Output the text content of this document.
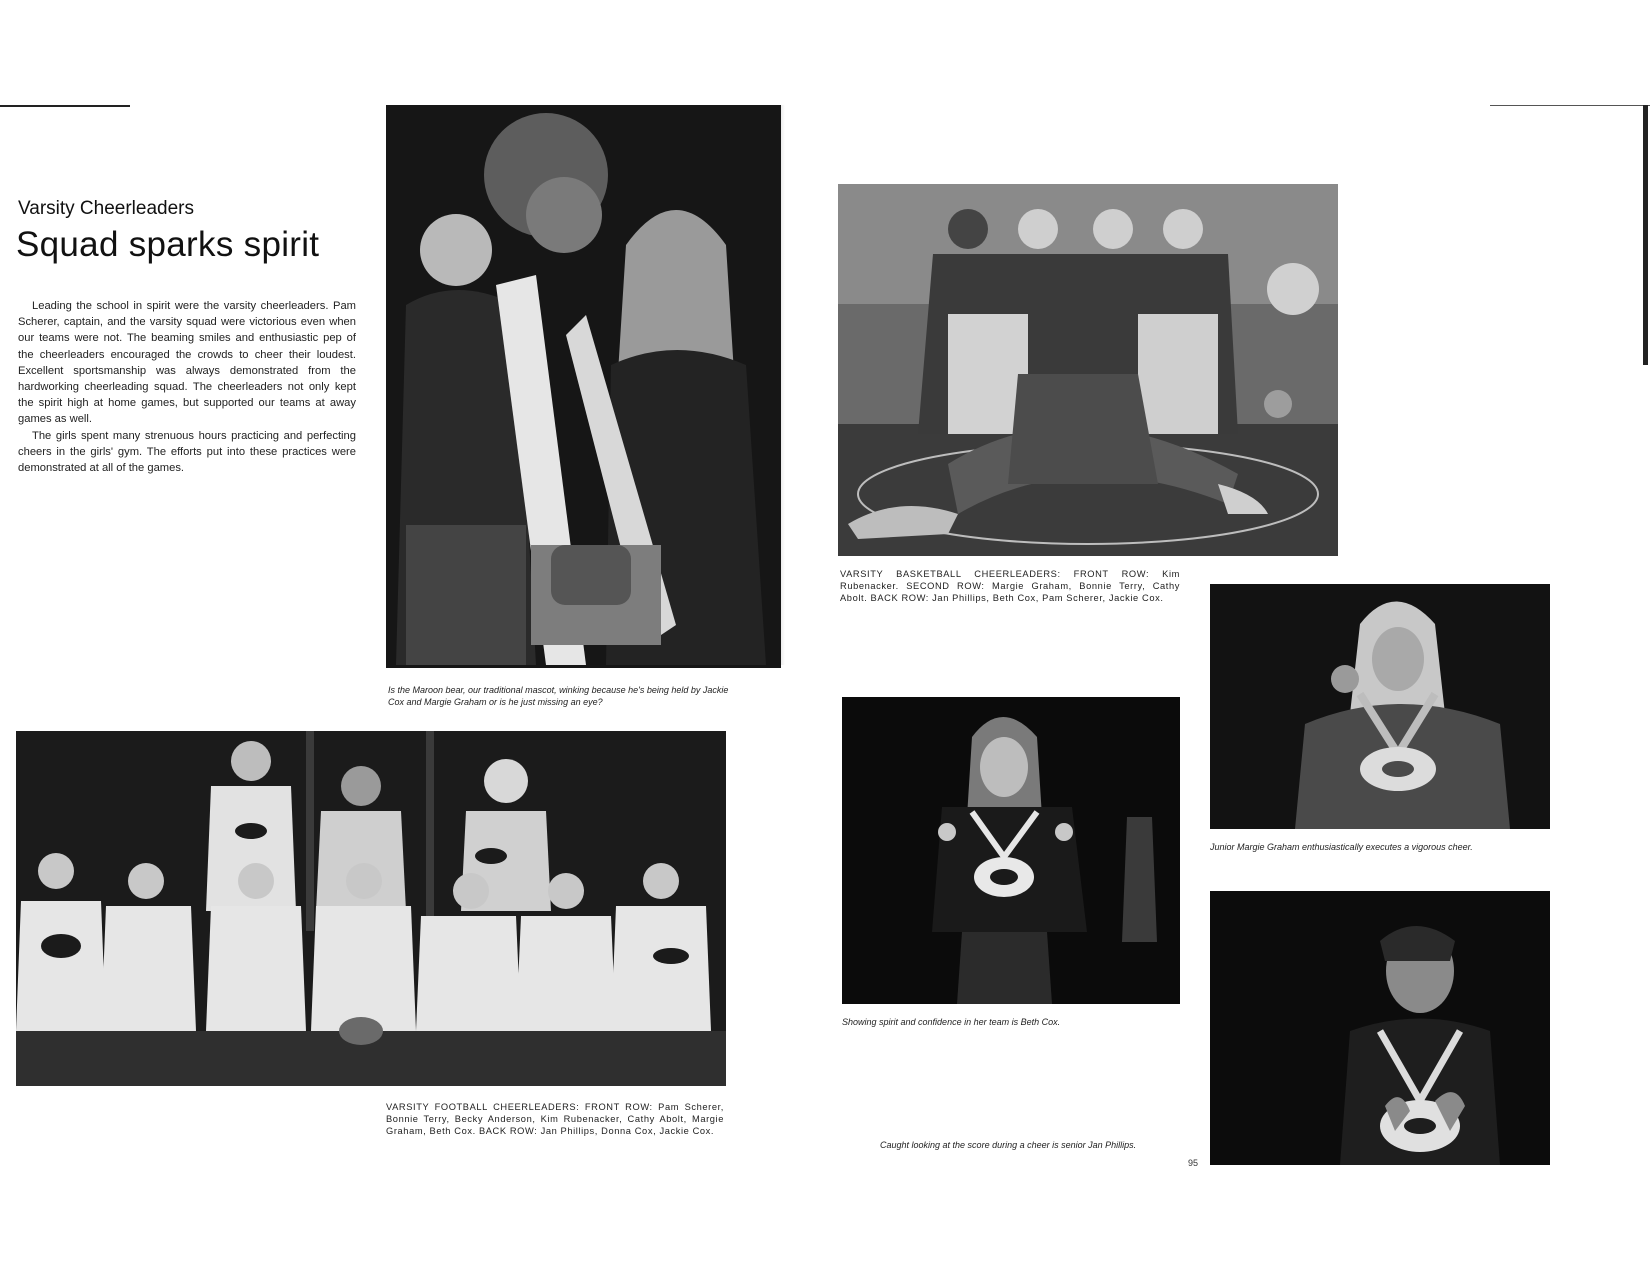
Varsity Cheerleaders
Squad sparks spirit

Leading the school in spirit were the varsity cheerleaders. Pam Scherer, captain, and the varsity squad were victorious even when our teams were not. The beaming smiles and enthusiastic pep of the cheerleaders encouraged the crowds to cheer their loudest. Excellent sportsmanship was always demonstrated from the hardworking cheerleading squad. The cheerleaders not only kept the spirit high at home games, but supported our teams at away games as well.

The girls spent many strenuous hours practicing and perfecting cheers in the girls' gym. The efforts put into these practices were demonstrated at all of the games.

Is the Maroon bear, our traditional mascot, winking because he's being held by Jackie Cox and Margie Graham or is he just missing an eye?
VARSITY BASKETBALL CHEERLEADERS: FRONT ROW: Kim Rubenacker. SECOND ROW: Margie Graham, Bonnie Terry, Cathy Abolt. BACK ROW: Jan Phillips, Beth Cox, Pam Scherer, Jackie Cox.
VARSITY FOOTBALL CHEERLEADERS: FRONT ROW: Pam Scherer, Bonnie Terry, Becky Anderson, Kim Rubenacker, Cathy Abolt, Margie Graham, Beth Cox. BACK ROW: Jan Phillips, Donna Cox, Jackie Cox.
Showing spirit and confidence in her team is Beth Cox.
Junior Margie Graham enthusiastically executes a vigorous cheer.
Caught looking at the score during a cheer is senior Jan Phillips.
95
